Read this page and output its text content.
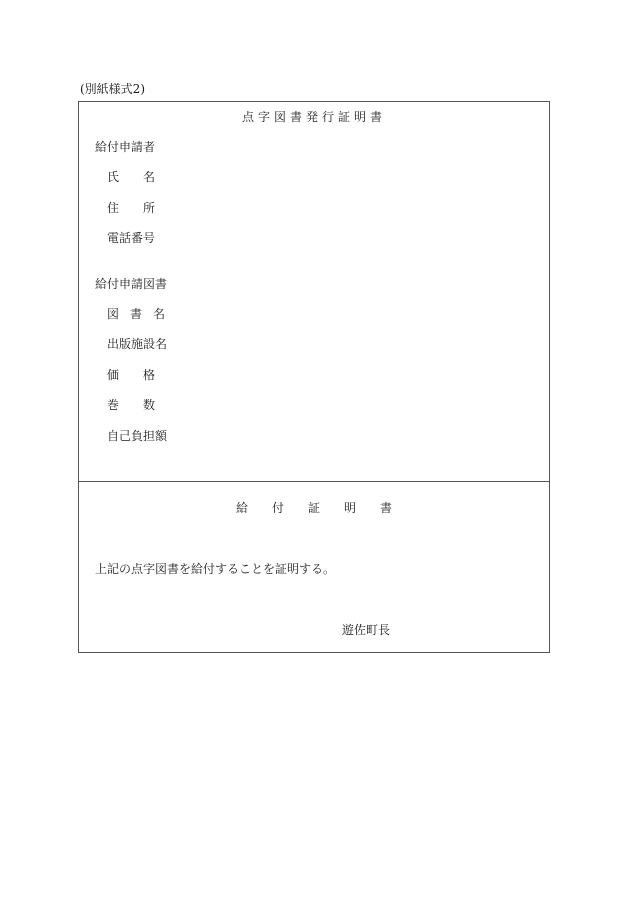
(別紙様式2)
点字図書発行証明書
給付申請者
氏名
住所
電話番号
給付申請図書
図書名
出版施設名
価格
巻数
自己負担額
給付証明書
上記の点字図書を給付することを証明する。
遊佐町長
